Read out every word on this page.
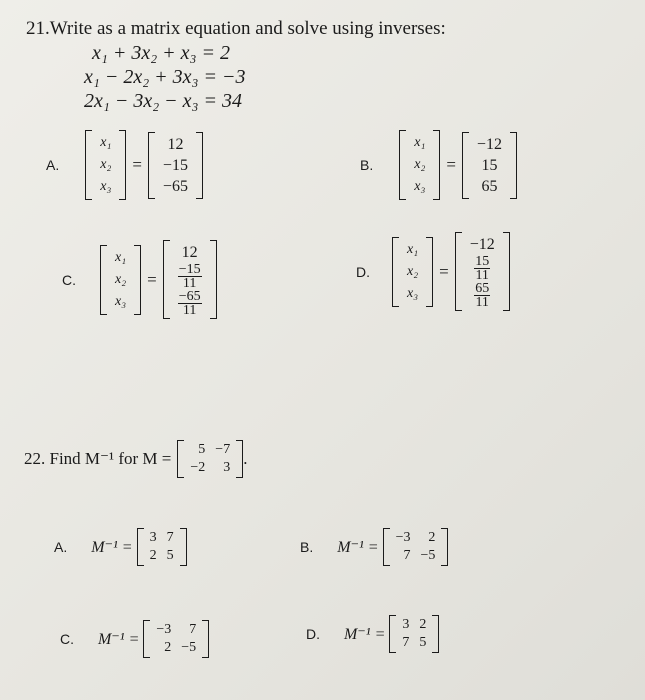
21.Write as a matrix equation and solve using inverses:
x₁ + 3x₂ + x₃ = 2
x₁ − 2x₂ + 3x₃ = −3
2x₁ − 3x₂ − x₃ = 34
A.
x₁
x₂
x₃
=
12
−15
−65
B.
x₁
x₂
x₃
=
−12
15
65
C.
x₁
x₂
x₃
=
12
$\frac{-15}{11}$
$\frac{-65}{11}$
D.
x₁
x₂
x₃
=
−12
$\frac{15}{11}$
$\frac{65}{11}$
22.
Find M⁻¹ for M =	5 −7
−2	3 .
A. M⁻¹ =
3 7
2 5
B. M⁻¹ =
−3	2
7 −5
C. M⁻¹ =
−3	7
2 −5
D. M⁻¹ =
3 2
7 5
